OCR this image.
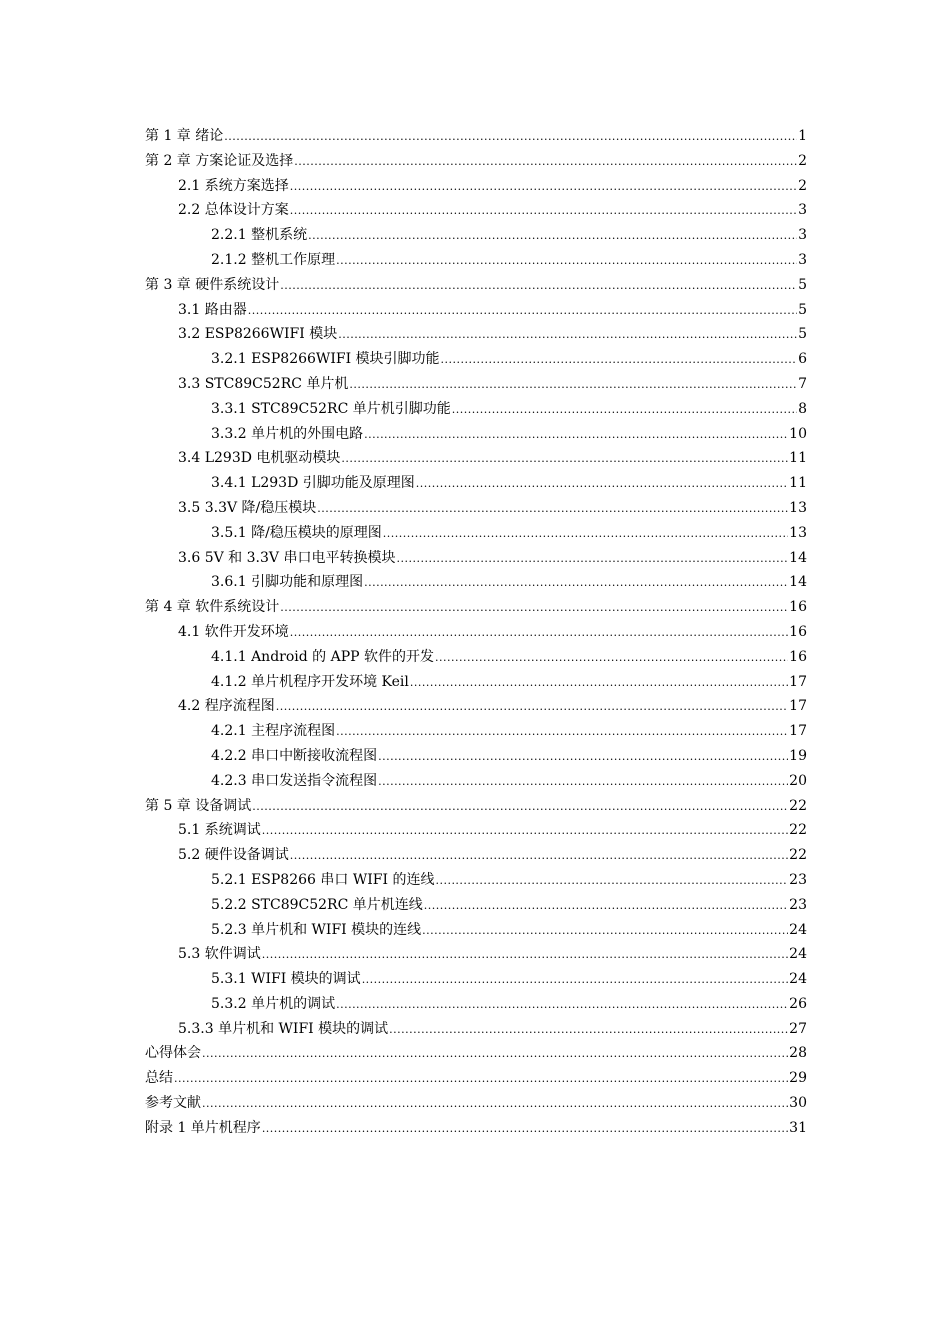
第 1 章 绪论 .....	1
第 2 章 方案论证及选择 .....	2
2.1 系统方案选择 .....	2
2.2 总体设计方案 .....	3
2.2.1 整机系统 .....	3
2.1.2 整机工作原理 .....	3
第 3 章 硬件系统设计 .....	5
3.1 路由器 .....	5
3.2 ESP8266WIFI 模块 .....	5
3.2.1 ESP8266WIFI 模块引脚功能 .....	6
3.3 STC89C52RC 单片机 .....	7
3.3.1 STC89C52RC 单片机引脚功能 .....	8
3.3.2 单片机的外围电路 .....	10
3.4 L293D 电机驱动模块 .....	11
3.4.1 L293D 引脚功能及原理图 .....	11
3.5 3.3V 降/稳压模块 .....	13
3.5.1 降/稳压模块的原理图 .....	13
3.6 5V 和 3.3V 串口电平转换模块 .....	14
3.6.1 引脚功能和原理图 .....	14
第 4 章 软件系统设计 .....	16
4.1 软件开发环境 .....	16
4.1.1 Android 的 APP 软件的开发 .....	16
4.1.2 单片机程序开发环境 Keil .....	17
4.2 程序流程图 .....	17
4.2.1 主程序流程图 .....	17
4.2.2 串口中断接收流程图 .....	19
4.2.3 串口发送指令流程图 .....	20
第 5 章 设备调试 .....	22
5.1 系统调试 .....	22
5.2 硬件设备调试 .....	22
5.2.1 ESP8266 串口 WIFI 的连线 .....	23
5.2.2 STC89C52RC 单片机连线 .....	23
5.2.3 单片机和 WIFI 模块的连线 .....	24
5.3 软件调试 .....	24
5.3.1 WIFI 模块的调试 .....	24
5.3.2 单片机的调试 .....	26
5.3.3 单片机和 WIFI 模块的调试 .....	27
心得体会 .....	28
总结 .....	29
参考文献 .....	30
附录 1 单片机程序 .....	31
